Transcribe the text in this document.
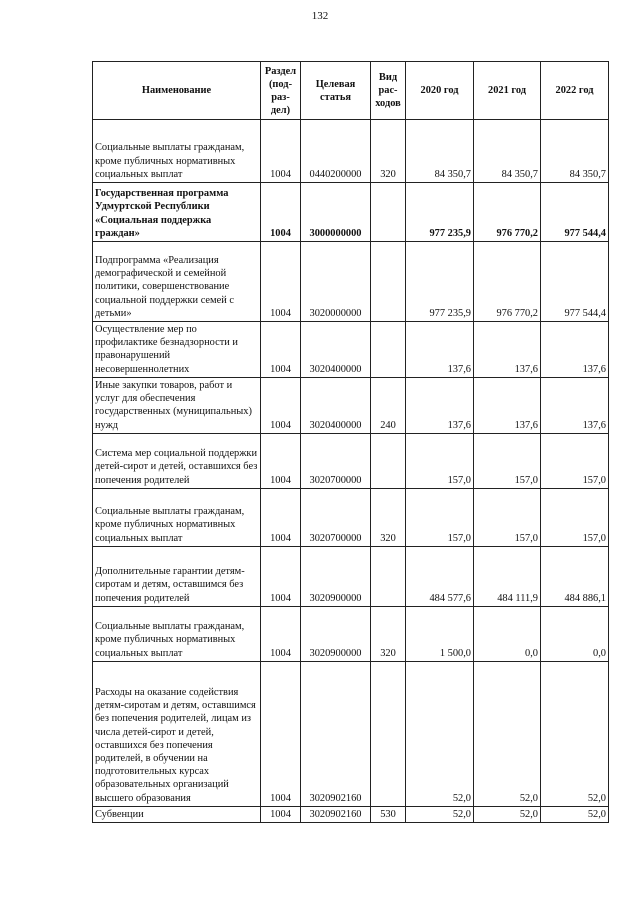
132
Наименование	Раздел (под-раз-дел)	Целевая статья	Вид рас-ходов	2020 год	2021 год	2022 год
Социальные выплаты гражданам, кроме публичных нормативных социальных выплат	1004	0440200000	320	84 350,7	84 350,7	84 350,7
Государственная программа Удмуртской Республики «Социальная поддержка граждан»	1004	3000000000		977 235,9	976 770,2	977 544,4
Подпрограмма «Реализация демографической и семейной политики, совершенствование социальной поддержки семей с детьми»	1004	3020000000		977 235,9	976 770,2	977 544,4
Осуществление мер по профилактике безнадзорности и правонарушений несовершеннолетних	1004	3020400000		137,6	137,6	137,6
Иные закупки товаров, работ и услуг для обеспечения государственных (муниципальных) нужд	1004	3020400000	240	137,6	137,6	137,6
Система мер социальной поддержки детей-сирот и детей, оставшихся без попечения родителей	1004	3020700000		157,0	157,0	157,0
Социальные выплаты гражданам, кроме публичных нормативных социальных выплат	1004	3020700000	320	157,0	157,0	157,0
Дополнительные гарантии детям-сиротам и детям, оставшимся без попечения родителей	1004	3020900000		484 577,6	484 111,9	484 886,1
Социальные выплаты гражданам, кроме публичных нормативных социальных выплат	1004	3020900000	320	1 500,0	0,0	0,0
Расходы на оказание содействия детям-сиротам и детям, оставшимся без попечения родителей, лицам из числа детей-сирот и детей, оставшихся без попечения родителей, в обучении на подготовительных курсах образовательных организаций высшего образования	1004	3020902160		52,0	52,0	52,0
Субвенции	1004	3020902160	530	52,0	52,0	52,0
